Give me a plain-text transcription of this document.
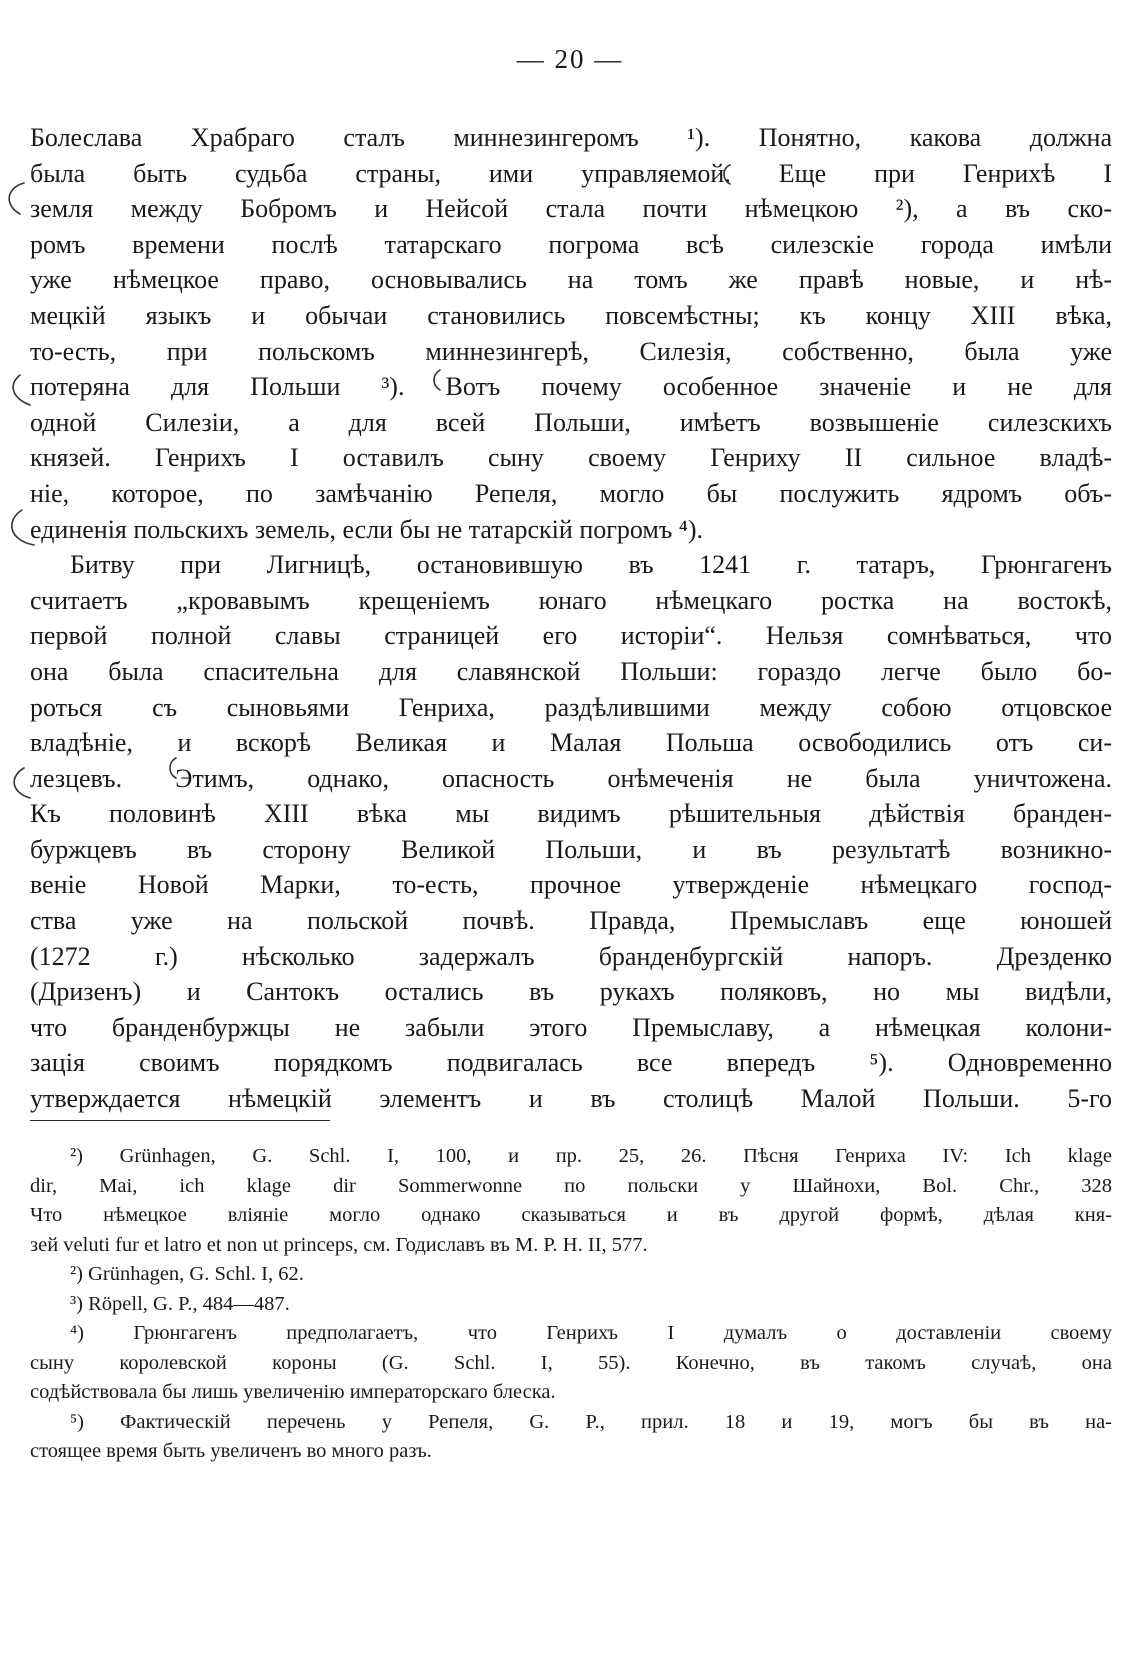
— 20 —
Болеслава Храбраго сталъ миннезингеромъ ¹). Понятно, какова должна
была быть судьба страны, ими управляемой. Еще при Генрихѣ I
земля между Бобромъ и Нейсой стала почти нѣмецкою ²), а въ ско-
ромъ времени послѣ татарскаго погрома всѣ силезскіе города имѣли
уже нѣмецкое право, основывались на томъ же правѣ новые, и нѣ-
мецкій языкъ и обычаи становились повсемѣстны; къ концу XIII вѣка,
то-есть, при польскомъ миннезингерѣ, Силезія, собственно, была уже
потеряна для Польши ³). Вотъ почему особенное значеніе и не для
одной Силезіи, а для всей Польши, имѣетъ возвышеніе силезскихъ
князей. Генрихъ I оставилъ сыну своему Генриху II сильное владѣ-
ніе, которое, по замѣчанію Репеля, могло бы послужить ядромъ объ-
единенія польскихъ земель, если бы не татарскій погромъ ⁴).
Битву при Лигницѣ, остановившую въ 1241 г. татаръ, Грюнгагенъ
считаетъ „кровавымъ крещеніемъ юнаго нѣмецкаго ростка на востокѣ,
первой полной славы страницей его исторіи“. Нельзя сомнѣваться, что
она была спасительна для славянской Польши: гораздо легче было бо-
роться съ сыновьями Генриха, раздѣлившими между собою отцовское
владѣніе, и вскорѣ Великая и Малая Польша освободились отъ си-
лезцевъ. Этимъ, однако, опасность онѣмеченія не была уничтожена.
Къ половинѣ XIII вѣка мы видимъ рѣшительныя дѣйствія бранден-
буржцевъ въ сторону Великой Польши, и въ результатѣ возникно-
веніе Новой Марки, то-есть, прочное утвержденіе нѣмецкаго господ-
ства уже на польской почвѣ. Правда, Премыславъ еще юношей
(1272 г.) нѣсколько задержалъ бранденбургскій напоръ. Дрезденко
(Дризенъ) и Сантокъ остались въ рукахъ поляковъ, но мы видѣли,
что бранденбуржцы не забыли этого Премыславу, а нѣмецкая колони-
зація своимъ порядкомъ подвигалась все впередъ ⁵). Одновременно
утверждается нѣмецкій элементъ и въ столицѣ Малой Польши. 5-го
²) Grünhagen, G. Schl. I, 100, и пр. 25, 26. Пѣсня Генриха IV: Ich klage
dir, Mai, ich klage dir Sommerwonne по польски у Шайнохи, Bol. Chr., 328
Что нѣмецкое вліяніе могло однако сказываться и въ другой формѣ, дѣлая кня-
зей veluti fur et latro et non ut princeps, см. Годиславъ въ M. P. H. II, 577.
²) Grünhagen, G. Schl. I, 62.
³) Röpell, G. P., 484—487.
⁴) Грюнгагенъ предполагаетъ, что Генрихъ I думалъ о доставленіи своему
сыну королевской короны (G. Schl. I, 55). Конечно, въ такомъ случаѣ, она
содѣйствовала бы лишь увеличенію императорскаго блеска.
⁵) Фактическій перечень у Репеля, G. P., прил. 18 и 19, могъ бы въ на-
стоящее время быть увеличенъ во много разъ.
